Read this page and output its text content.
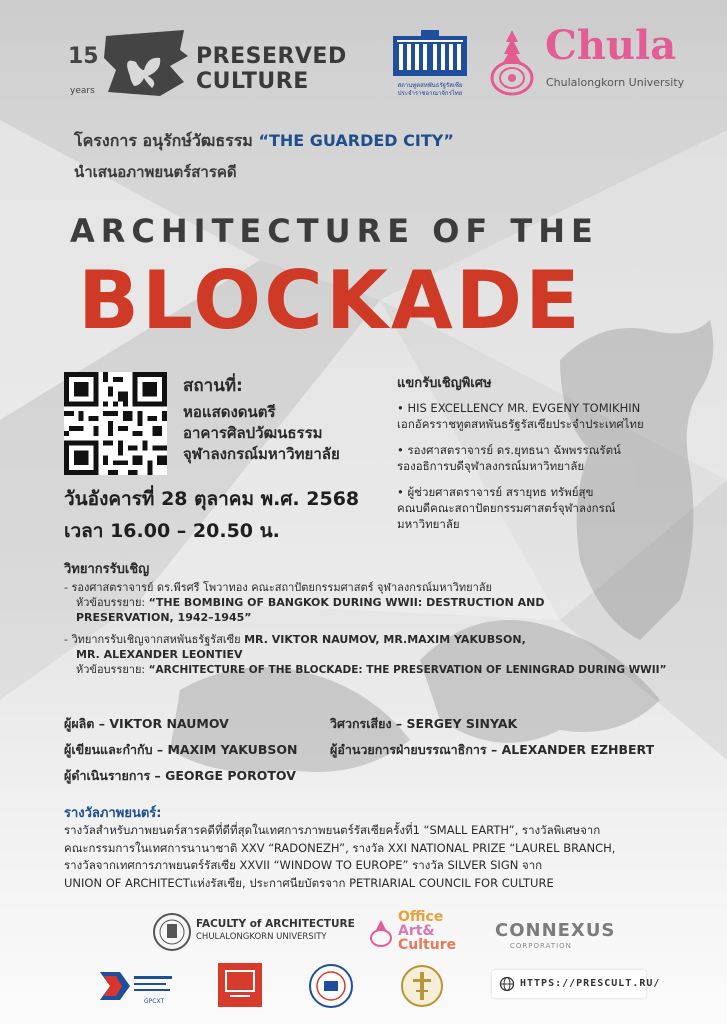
15
years
PRESERVED
CULTURE	สถานทูตสหพันธรัฐรัสเซีย
ประจำราชอาณาจักรไทย
Chula
Chulalongkorn University
โครงการ อนุรักษ์วัฒธรรม “THE GUARDED CITY”
นำเสนอภาพยนตร์สารคดี
ARCHITECTURE OF THE
BLOCKADE
สถานที่:
หอแสดงดนตรี
อาคารศิลปวัฒนธรรม
จุฬาลงกรณ์มหาวิทยาลัย
วันอังคารที่ 28 ตุลาคม พ.ศ. 2568
เวลา 16.00 – 20.50 น.
แขกรับเชิญพิเศษ
• HIS EXCELLENCY MR. EVGENY TOMIKHIN
เอกอัครราชทูตสหพันธรัฐรัสเซียประจำประเทศไทย
• รองศาสตราจารย์ ดร.ยุทธนา ฉัพพรรณรัตน์
รองอธิการบดีจุฬาลงกรณ์มหาวิทยาลัย
• ผู้ช่วยศาสตราจารย์ สรายุทธ ทรัพย์สุข
คณบดีคณะสถาปัตยกรรมศาสตร์จุฬาลงกรณ์
มหาวิทยาลัย
วิทยากรรับเชิญ
- รองศาสตราจารย์ ดร.พีรศรี โพวาทอง คณะสถาปัตยกรรมศาสตร์ จุฬาลงกรณ์มหาวิทยาลัย
หัวข้อบรรยาย: “THE BOMBING OF BANGKOK DURING WWII: DESTRUCTION AND
PRESERVATION, 1942–1945”
- วิทยากรรับเชิญจากสหพันธรัฐรัสเซีย MR. VIKTOR NAUMOV, MR.MAXIM YAKUBSON,
MR. ALEXANDER LEONTIEV
หัวข้อบรรยาย: “ARCHITECTURE OF THE BLOCKADE: THE PRESERVATION OF LENINGRAD DURING WWII”
ผู้ผลิต – VIKTOR NAUMOV
ผู้เขียนและกำกับ – MAXIM YAKUBSON
ผู้ดำเนินรายการ – GEORGE POROTOV
วิศวกรเสียง – SERGEY SINYAK
ผู้อำนวยการฝ่ายบรรณาธิการ – ALEXANDER EZHBERT
รางวัลภาพยนตร์:
รางวัลสำหรับภาพยนตร์สารคดีที่ดีที่สุดในเทศการภาพยนตร์รัสเซียครั้งที่1 “SMALL EARTH”, รางวัลพิเศษจาก
คณะกรรมการในเทศการนานาชาติ XXV “RADONEZH”, รางวัล XXI NATIONAL PRIZE “LAUREL BRANCH,
รางวัลจากเทศการภาพยนตร์รัสเซีย XXVII “WINDOW TO EUROPE” รางวัล SILVER SIGN จาก
UNION OF ARCHITECTแห่งรัสเซีย, ประกาศนียบัตรจาก PETRIARIAL COUNCIL FOR CULTURE
FACULTY of ARCHITECTURE
CHULALONGKORN UNIVERSITY
Office
Art&
Culture
CONNEXUS
CORPORATION
GPCXT
HTTPS://PRESCULT.RU/
